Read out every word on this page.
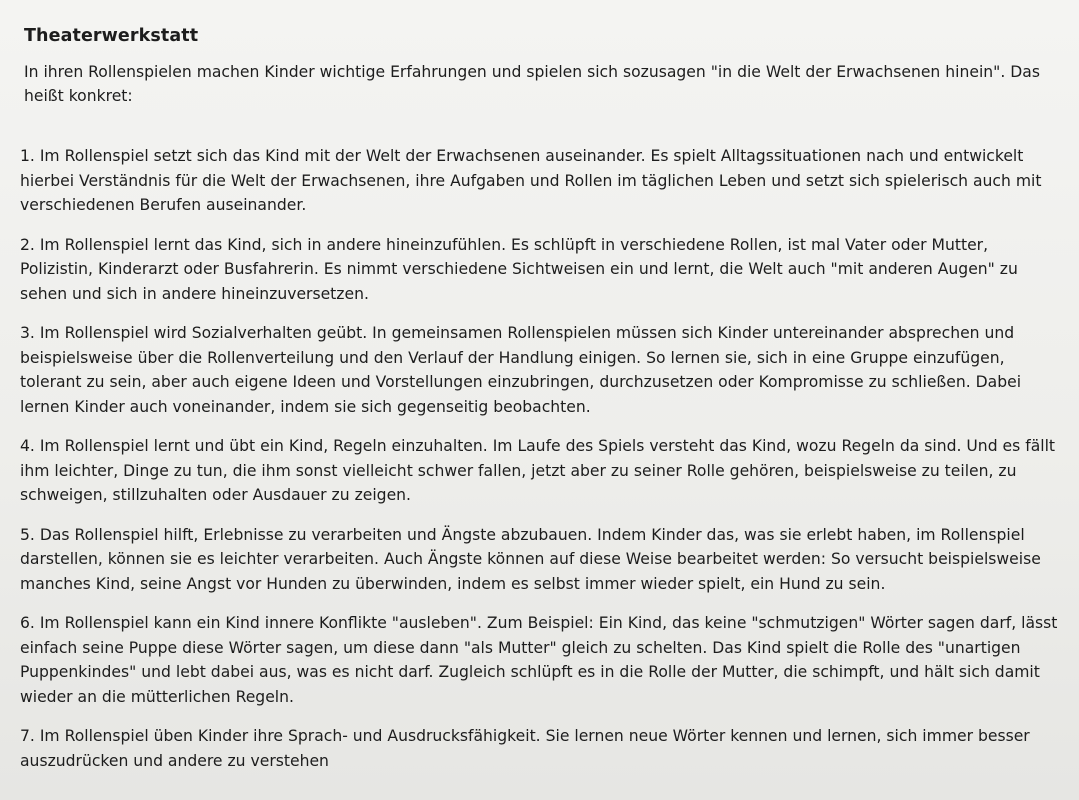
Theaterwerkstatt

In ihren Rollenspielen machen Kinder wichtige Erfahrungen und spielen sich sozusagen "in die Welt der Erwachsenen hinein". Das heißt konkret:

1. Im Rollenspiel setzt sich das Kind mit der Welt der Erwachsenen auseinander. Es spielt Alltagssituationen nach und entwickelt hierbei Verständnis für die Welt der Erwachsenen, ihre Aufgaben und Rollen im täglichen Leben und setzt sich spielerisch auch mit verschiedenen Berufen auseinander.

2. Im Rollenspiel lernt das Kind, sich in andere hineinzufühlen. Es schlüpft in verschiedene Rollen, ist mal Vater oder Mutter, Polizistin, Kinderarzt oder Busfahrerin. Es nimmt verschiedene Sichtweisen ein und lernt, die Welt auch "mit anderen Augen" zu sehen und sich in andere hineinzuversetzen.

3. Im Rollenspiel wird Sozialverhalten geübt. In gemeinsamen Rollenspielen müssen sich Kinder untereinander absprechen und beispielsweise über die Rollenverteilung und den Verlauf der Handlung einigen. So lernen sie, sich in eine Gruppe einzufügen, tolerant zu sein, aber auch eigene Ideen und Vorstellungen einzubringen, durchzusetzen oder Kompromisse zu schließen. Dabei lernen Kinder auch voneinander, indem sie sich gegenseitig beobachten.

4. Im Rollenspiel lernt und übt ein Kind, Regeln einzuhalten. Im Laufe des Spiels versteht das Kind, wozu Regeln da sind. Und es fällt ihm leichter, Dinge zu tun, die ihm sonst vielleicht schwer fallen, jetzt aber zu seiner Rolle gehören, beispielsweise zu teilen, zu schweigen, stillzuhalten oder Ausdauer zu zeigen.

5. Das Rollenspiel hilft, Erlebnisse zu verarbeiten und Ängste abzubauen. Indem Kinder das, was sie erlebt haben, im Rollenspiel darstellen, können sie es leichter verarbeiten. Auch Ängste können auf diese Weise bearbeitet werden: So versucht beispielsweise manches Kind, seine Angst vor Hunden zu überwinden, indem es selbst immer wieder spielt, ein Hund zu sein.

6. Im Rollenspiel kann ein Kind innere Konflikte "ausleben". Zum Beispiel: Ein Kind, das keine "schmutzigen" Wörter sagen darf, lässt einfach seine Puppe diese Wörter sagen, um diese dann "als Mutter" gleich zu schelten. Das Kind spielt die Rolle des "unartigen Puppenkindes" und lebt dabei aus, was es nicht darf. Zugleich schlüpft es in die Rolle der Mutter, die schimpft, und hält sich damit wieder an die mütterlichen Regeln.

7. Im Rollenspiel üben Kinder ihre Sprach- und Ausdrucksfähigkeit. Sie lernen neue Wörter kennen und lernen, sich immer besser auszudrücken und andere zu verstehen
